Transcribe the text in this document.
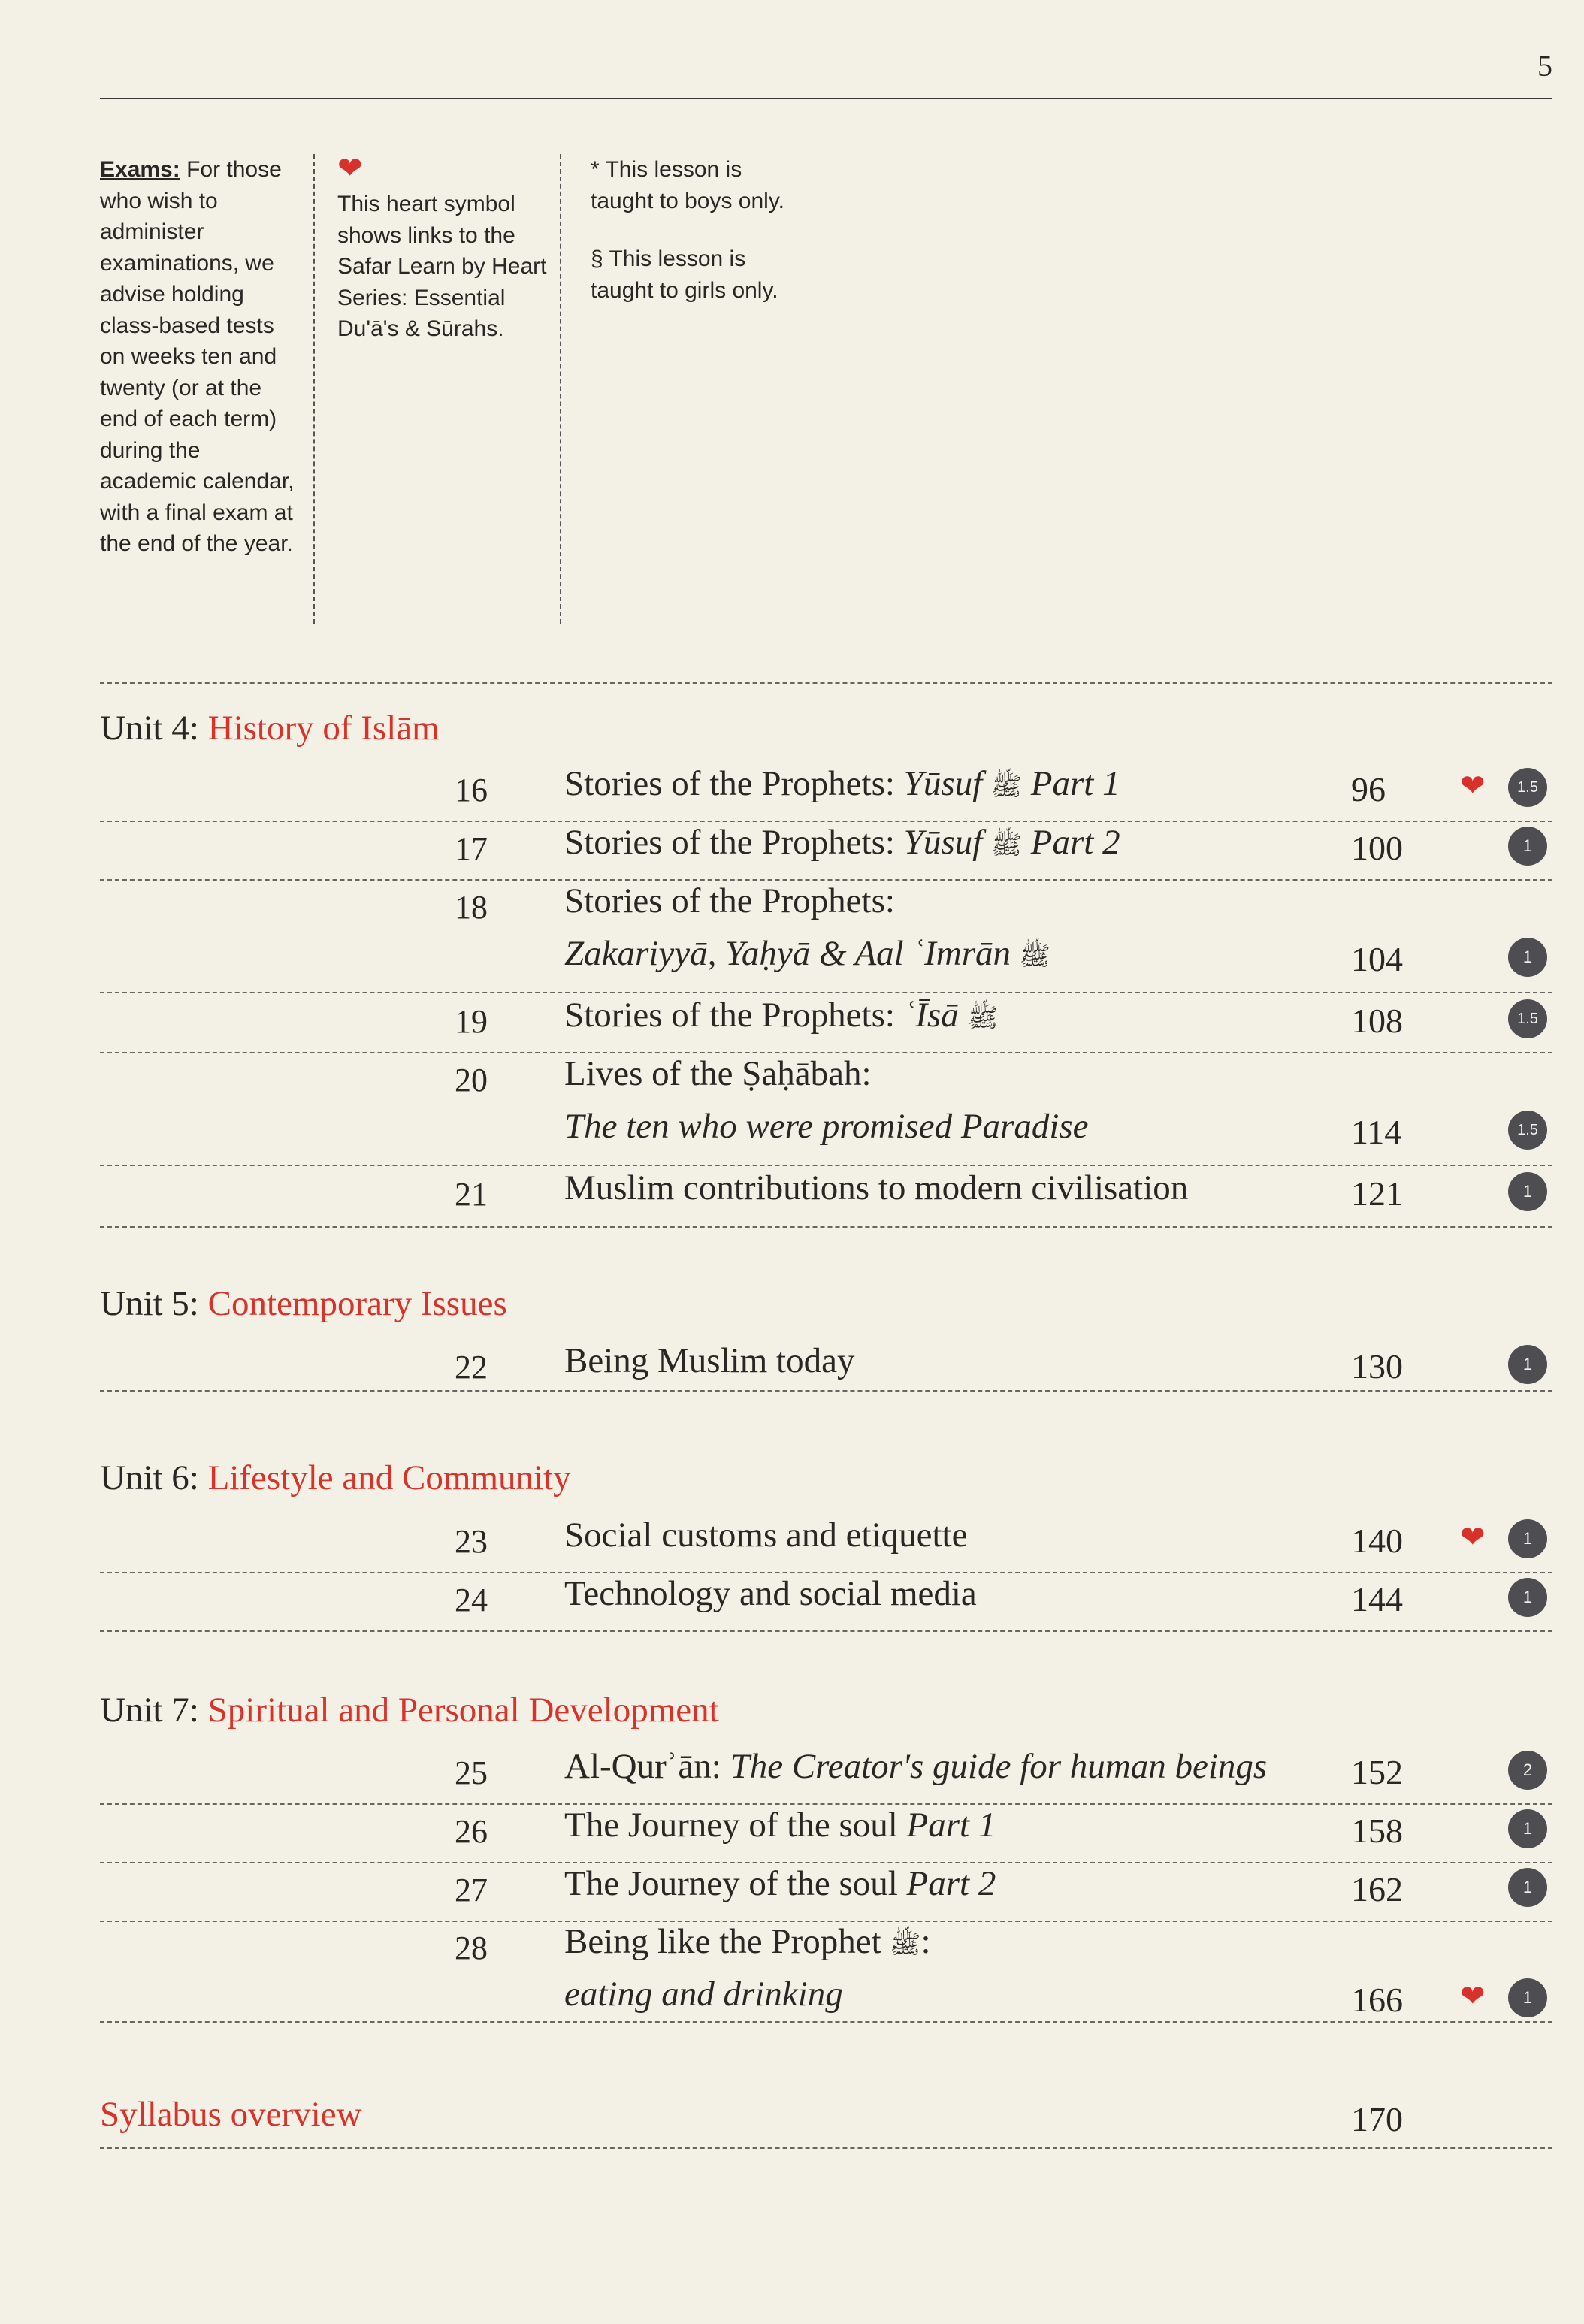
5
Exams: For those who wish to administer examinations, we advise holding class-based tests on weeks ten and twenty (or at the end of each term) during the academic calendar, with a final exam at the end of the year.
❤
This heart symbol shows links to the Safar Learn by Heart Series: Essential Du'ā's & Sūrahs.
* This lesson is taught to boys only.
§ This lesson is taught to girls only.
Unit 4: History of Islām
16 Stories of the Prophets: Yūsuf ﷺ Part 1	96 ❤	1.5
17 Stories of the Prophets: Yūsuf ﷺ Part 2	100	1
18 Stories of the Prophets:
Zakariyyā, Yaḥyā & Aal ʿImrān ﷺ	104	1
19 Stories of the Prophets: ʿĪsā ﷺ	108	1.5
20 Lives of the Ṣaḥābah:
The ten who were promised Paradise	114	1.5
21 Muslim contributions to modern civilisation	121	1
Unit 5: Contemporary Issues
22 Being Muslim today	130	1
Unit 6: Lifestyle and Community
23 Social customs and etiquette	140 ❤	1
24 Technology and social media	144	1
Unit 7: Spiritual and Personal Development
25 Al-Qurʾān: The Creator's guide for human beings 152	2
26 The Journey of the soul Part 1	158	1
27 The Journey of the soul Part 2	162	1
28 Being like the Prophet ﷺ:
eating and drinking	166 ❤	1
Syllabus overview	170
